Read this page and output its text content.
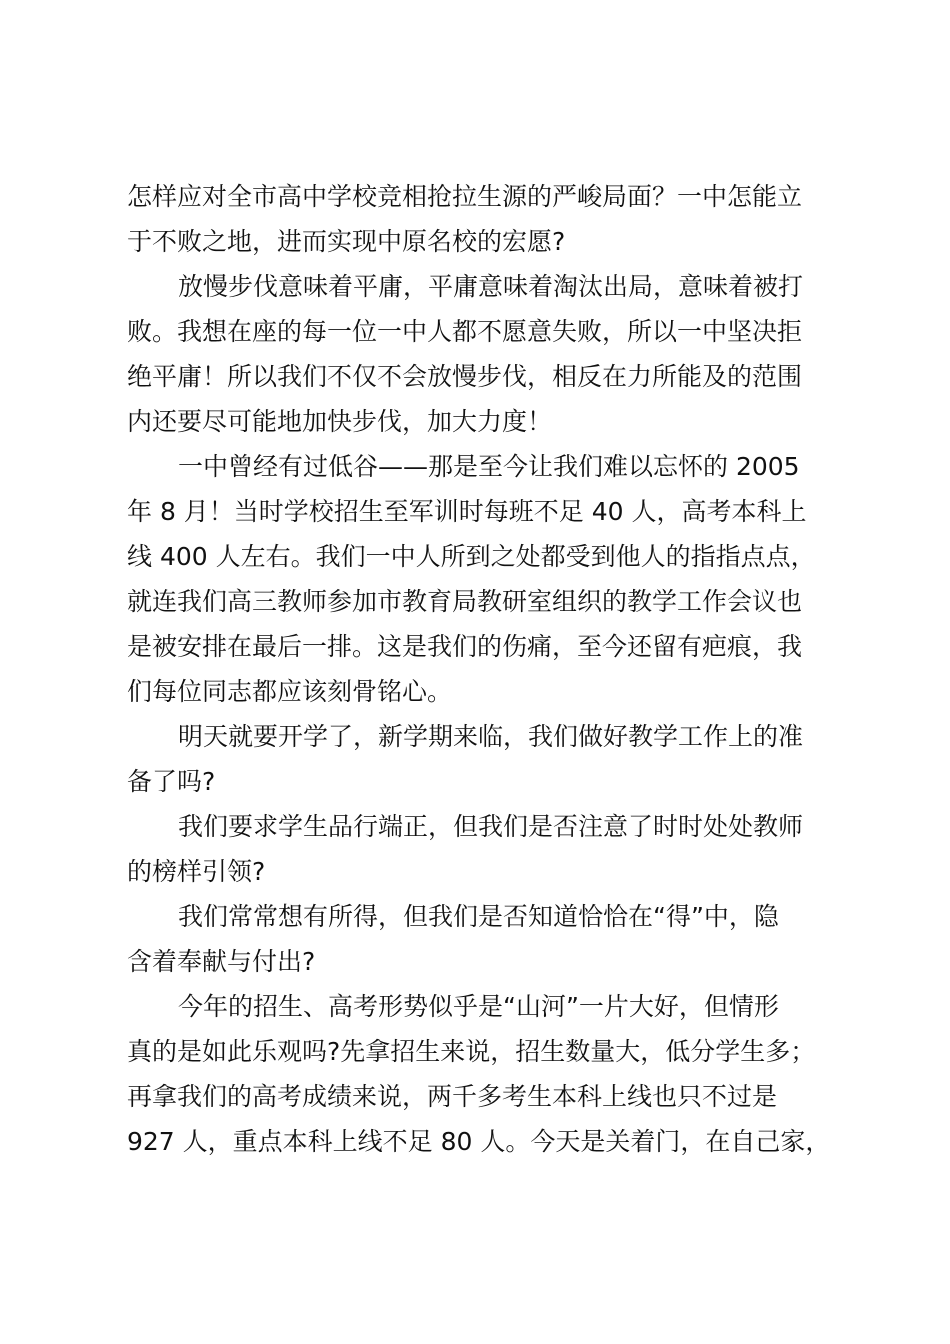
怎样应对全市高中学校竞相抢拉生源的严峻局面？一中怎能立
于不败之地，进而实现中原名校的宏愿?
放慢步伐意味着平庸，平庸意味着淘汰出局，意味着被打
败。我想在座的每一位一中人都不愿意失败，所以一中坚决拒
绝平庸！所以我们不仅不会放慢步伐，相反在力所能及的范围
内还要尽可能地加快步伐，加大力度！
一中曾经有过低谷——那是至今让我们难以忘怀的 2005
年 8 月！当时学校招生至军训时每班不足 40 人，高考本科上
线 400 人左右。我们一中人所到之处都受到他人的指指点点，
就连我们高三教师参加市教育局教研室组织的教学工作会议也
是被安排在最后一排。这是我们的伤痛，至今还留有疤痕，我
们每位同志都应该刻骨铭心。
明天就要开学了，新学期来临，我们做好教学工作上的准
备了吗?
我们要求学生品行端正，但我们是否注意了时时处处教师
的榜样引领?
我们常常想有所得，但我们是否知道恰恰在“得”中，隐
含着奉献与付出?
今年的招生、高考形势似乎是“山河”一片大好，但情形
真的是如此乐观吗?先拿招生来说，招生数量大，低分学生多；
再拿我们的高考成绩来说，两千多考生本科上线也只不过是
927 人，重点本科上线不足 80 人。今天是关着门，在自己家，
